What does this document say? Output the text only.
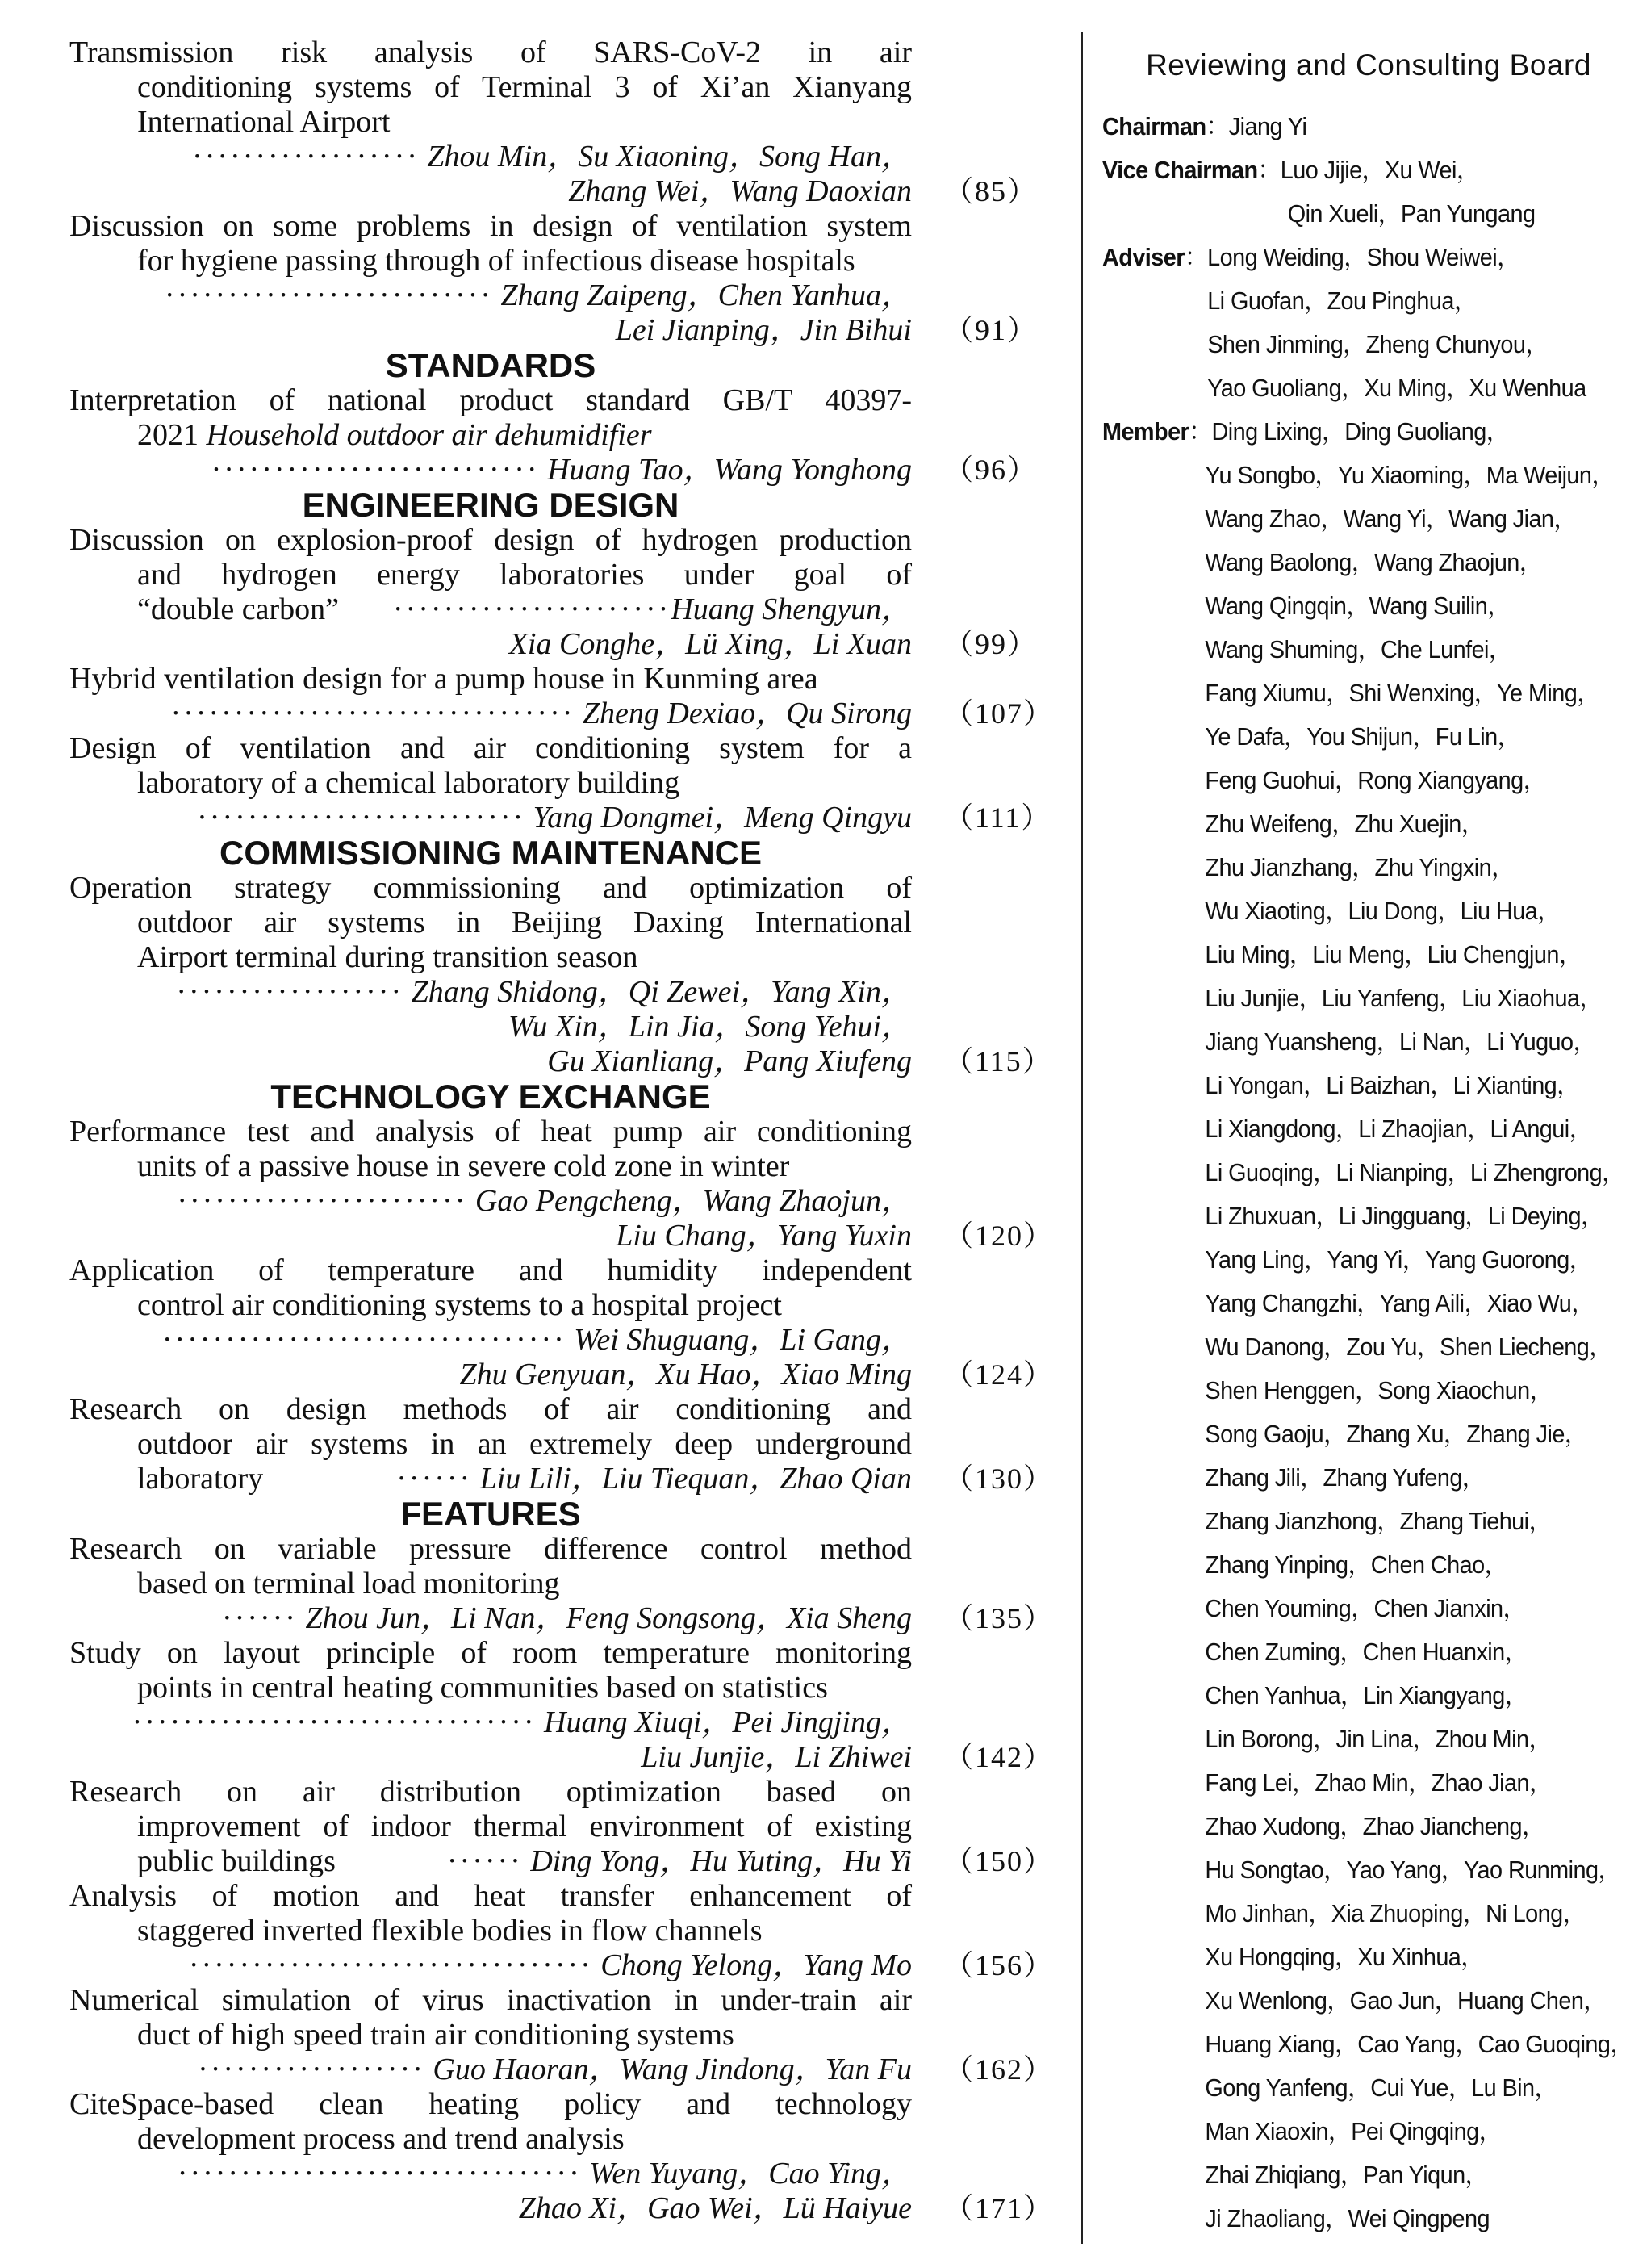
Transmission risk analysis of SARS-CoV-2 in air
conditioning systems of Terminal 3 of Xi’an Xianyang
International Airport
·················· Zhou Min，Su Xiaoning，Song Han，
Zhang Wei，Wang Daoxian （85）
Discussion on some problems in design of ventilation system
for hygiene passing through of infectious disease hospitals
·························· Zhang Zaipeng，Chen Yanhua，
Lei Jianping，Jin Bihui （91）
STANDARDS
Interpretation of national product standard GB/T 40397-
2021 Household outdoor air dehumidifier
·························· Huang Tao，Wang Yonghong （96）
ENGINEERING DESIGN
Discussion on explosion-proof design of hydrogen production
and hydrogen energy laboratories under goal of
“double carbon” ······················Huang Shengyun，
Xia Conghe，Lü Xing，Li Xuan （99）
Hybrid ventilation design for a pump house in Kunming area
································ Zheng Dexiao，Qu Sirong （107）
Design of ventilation and air conditioning system for a
laboratory of a chemical laboratory building
·························· Yang Dongmei，Meng Qingyu （111）
COMMISSIONING MAINTENANCE
Operation strategy commissioning and optimization of
outdoor air systems in Beijing Daxing International
Airport terminal during transition season
·················· Zhang Shidong，Qi Zewei，Yang Xin，
Wu Xin，Lin Jia，Song Yehui，
Gu Xianliang，Pang Xiufeng （115）
TECHNOLOGY EXCHANGE
Performance test and analysis of heat pump air conditioning
units of a passive house in severe cold zone in winter
······················· Gao Pengcheng，Wang Zhaojun，
Liu Chang，Yang Yuxin （120）
Application of temperature and humidity independent
control air conditioning systems to a hospital project
································ Wei Shuguang，Li Gang，
Zhu Genyuan，Xu Hao，Xiao Ming （124）
Research on design methods of air conditioning and
outdoor air systems in an extremely deep underground
laboratory	······ Liu Lili，Liu Tiequan，Zhao Qian （130）
FEATURES
Research on variable pressure difference control method
based on terminal load monitoring
······ Zhou Jun，Li Nan，Feng Songsong，Xia Sheng （135）
Study on layout principle of room temperature monitoring
points in central heating communities based on statistics
································ Huang Xiuqi，Pei Jingjing，
Liu Junjie，Li Zhiwei （142）
Research on air distribution optimization based on
improvement of indoor thermal environment of existing
public buildings	······ Ding Yong，Hu Yuting，Hu Yi （150）
Analysis of motion and heat transfer enhancement of
staggered inverted flexible bodies in flow channels
································ Chong Yelong，Yang Mo （156）
Numerical simulation of virus inactivation in under-train air
duct of high speed train air conditioning systems
·················· Guo Haoran，Wang Jindong，Yan Fu （162）
CiteSpace-based clean heating policy and technology
development process and trend analysis
································ Wen Yuyang，Cao Ying，
Zhao Xi，Gao Wei，Lü Haiyue （171）
Reviewing and Consulting Board
Chairman：Jiang Yi
Vice Chairman：Luo Jijie，Xu Wei，
Qin Xueli，Pan Yungang
Adviser：Long Weiding，Shou Weiwei，
Li Guofan，Zou Pinghua，
Shen Jinming，Zheng Chunyou，
Yao Guoliang，Xu Ming，Xu Wenhua
Member：Ding Lixing，Ding Guoliang，
Yu Songbo，Yu Xiaoming，Ma Weijun，
Wang Zhao，Wang Yi，Wang Jian，
Wang Baolong，Wang Zhaojun，
Wang Qingqin，Wang Suilin，
Wang Shuming，Che Lunfei，
Fang Xiumu，Shi Wenxing，Ye Ming，
Ye Dafa，You Shijun，Fu Lin，
Feng Guohui，Rong Xiangyang，
Zhu Weifeng，Zhu Xuejin，
Zhu Jianzhang，Zhu Yingxin，
Wu Xiaoting，Liu Dong，Liu Hua，
Liu Ming，Liu Meng，Liu Chengjun，
Liu Junjie，Liu Yanfeng，Liu Xiaohua，
Jiang Yuansheng，Li Nan，Li Yuguo，
Li Yongan，Li Baizhan，Li Xianting，
Li Xiangdong，Li Zhaojian，Li Angui，
Li Guoqing，Li Nianping，Li Zhengrong，
Li Zhuxuan，Li Jingguang，Li Deying，
Yang Ling，Yang Yi，Yang Guorong，
Yang Changzhi，Yang Aili，Xiao Wu，
Wu Danong，Zou Yu，Shen Liecheng，
Shen Henggen，Song Xiaochun，
Song Gaoju，Zhang Xu，Zhang Jie，
Zhang Jili，Zhang Yufeng，
Zhang Jianzhong，Zhang Tiehui，
Zhang Yinping，Chen Chao，
Chen Youming，Chen Jianxin，
Chen Zuming，Chen Huanxin，
Chen Yanhua，Lin Xiangyang，
Lin Borong，Jin Lina，Zhou Min，
Fang Lei，Zhao Min，Zhao Jian，
Zhao Xudong，Zhao Jiancheng，
Hu Songtao，Yao Yang，Yao Runming，
Mo Jinhan，Xia Zhuoping，Ni Long，
Xu Hongqing，Xu Xinhua，
Xu Wenlong，Gao Jun，Huang Chen，
Huang Xiang，Cao Yang，Cao Guoqing，
Gong Yanfeng，Cui Yue，Lu Bin，
Man Xiaoxin，Pei Qingqing，
Zhai Zhiqiang，Pan Yiqun，
Ji Zhaoliang，Wei Qingpeng
